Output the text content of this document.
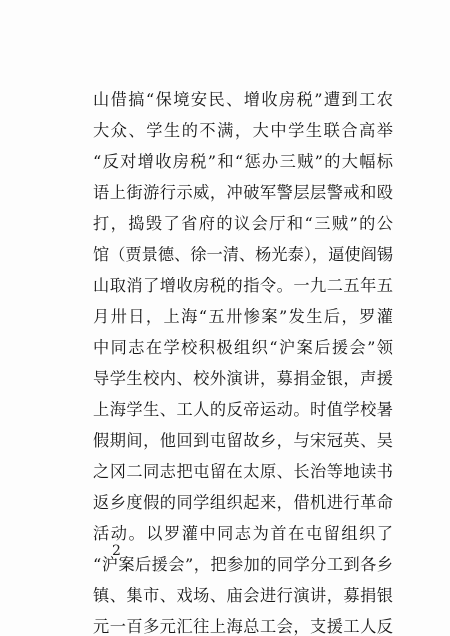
山借搞“保境安民、增收房税”遭到工农
大众、学生的不满，大中学生联合高举
“反对增收房税”和“惩办三贼”的大幅标
语上街游行示威，冲破军警层层警戒和殴
打，捣毁了省府的议会厅和“三贼”的公
馆（贾景德、徐一清、杨光泰），逼使阎锡
山取消了增收房税的指令。一九二五年五
月卅日，上海“五卅惨案”发生后，罗灌
中同志在学校积极组织“沪案后援会”领
导学生校内、校外演讲，募捐金银，声援
上海学生、工人的反帝运动。时值学校暑
假期间，他回到屯留故乡，与宋冠英、吴
之冈二同志把屯留在太原、长治等地读书
返乡度假的同学组织起来，借机进行革命
活动。以罗灌中同志为首在屯留组织了
“沪案后援会”，把参加的同学分工到各乡
镇、集市、戏场、庙会进行演讲，募捐银
元一百多元汇往上海总工会，支援工人反
2
